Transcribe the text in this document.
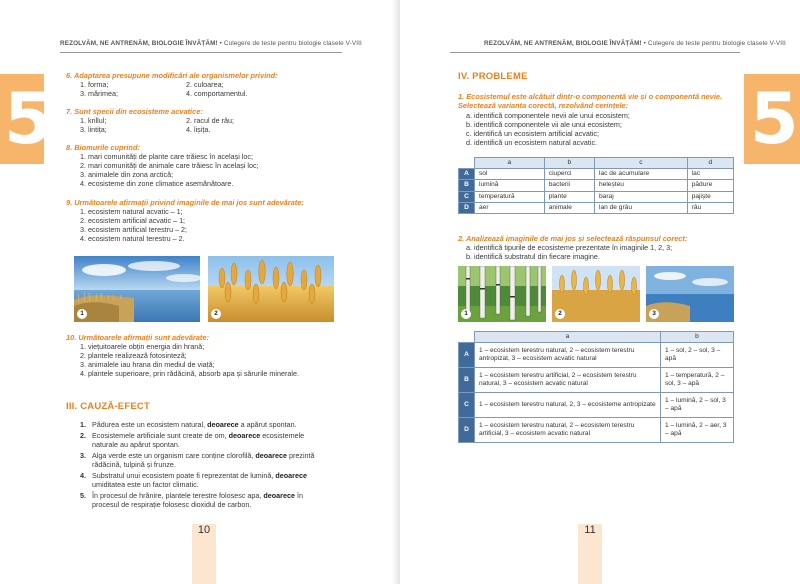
REZOLVĂM, NE ANTRENĂM, BIOLOGIE ÎNVĂȚĂM! • Culegere de teste pentru biologie clasele V-VIII
5
6. Adaptarea presupune modificări ale organismelor privind:
1. forma;	2. culoarea;
3. mărimea;	4. comportamentul.
7. Sunt specii din ecosisteme acvatice:
1. krillul;	2. racul de râu;
3. lintița;	4. lișița.
8. Biomurile cuprind:
1. mari comunități de plante care trăiesc în același loc;
2. mari comunități de animale care trăiesc în același loc;
3. animalele din zona arctică;
4. ecosisteme din zone climatice asemănătoare.
9. Următoarele afirmații privind imaginile de mai jos sunt adevărate:
1. ecosistem natural acvatic – 1;
2. ecosistem artificial acvatic – 1;
3. ecosistem artificial terestru – 2;
4. ecosistem natural terestru – 2.
1	2
10. Următoarele afirmații sunt adevărate:
1. viețuitoarele obțin energia din hrană;
2. plantele realizează fotosinteză;
3. animalele iau hrana din mediul de viață;
4. plantele superioare, prin rădăcină, absorb apa și sărurile minerale.
III. CAUZĂ-EFECT
1. Pădurea este un ecosistem natural, deoarece a apărut spontan.
2. Ecosistemele artificiale sunt create de om, deoarece ecosistemele naturale au apărut spontan.
3. Alga verde este un organism care conține clorofilă, deoarece prezintă rădăcină, tulpină și frunze.
4. Substratul unui ecosistem poate fi reprezentat de lumină, deoarece umiditatea este un factor climatic.
5. În procesul de hrănire, plantele terestre folosesc apa, deoarece în procesul de respirație folosesc dioxidul de carbon.
10
REZOLVĂM, NE ANTRENĂM, BIOLOGIE ÎNVĂȚĂM! • Culegere de teste pentru biologie clasele V-VIII
5
IV. PROBLEME
1. Ecosistemul este alcătuit dintr-o componentă vie și o componentă nevie.
Selectează varianta corectă, rezolvând cerințele:
a. identifică componentele nevii ale unui ecosistem;
b. identifică componentele vii ale unui ecosistem;
c. identifică un ecosistem artificial acvatic;
d. identifică un ecosistem natural acvatic.
	a	b	c	d
A	sol	ciuperci	lac de acumulare	lac
B	lumină	bacterii	heleșteu	pădure
C	temperatură	plante	baraj	pajiște
D	aer	animale	lan de grâu	râu
2. Analizează imaginile de mai jos și selectează răspunsul corect:
a. identifică tipurile de ecosisteme prezentate în imaginile 1, 2, 3;
b. identifică substratul din fiecare imagine.
1	2	3
	a	b
A	1 – ecosistem terestru natural, 2 – ecosistem terestru antropizat, 3 – ecosistem acvatic natural	1 – sol, 2 – sol, 3 – apă
B	1 – ecosistem terestru artificial, 2 – ecosistem terestru natural, 3 – ecosistem acvatic natural	1 – temperatură, 2 – sol, 3 – apă
C	1 – ecosistem terestru natural, 2, 3 – ecosisteme antropizate	1 – lumină, 2 – sol, 3 – apă
D	1 – ecosistem terestru natural, 2 – ecosistem terestru artificial, 3 – ecosistem acvatic natural	1 – lumină, 2 – aer, 3 – apă
11
